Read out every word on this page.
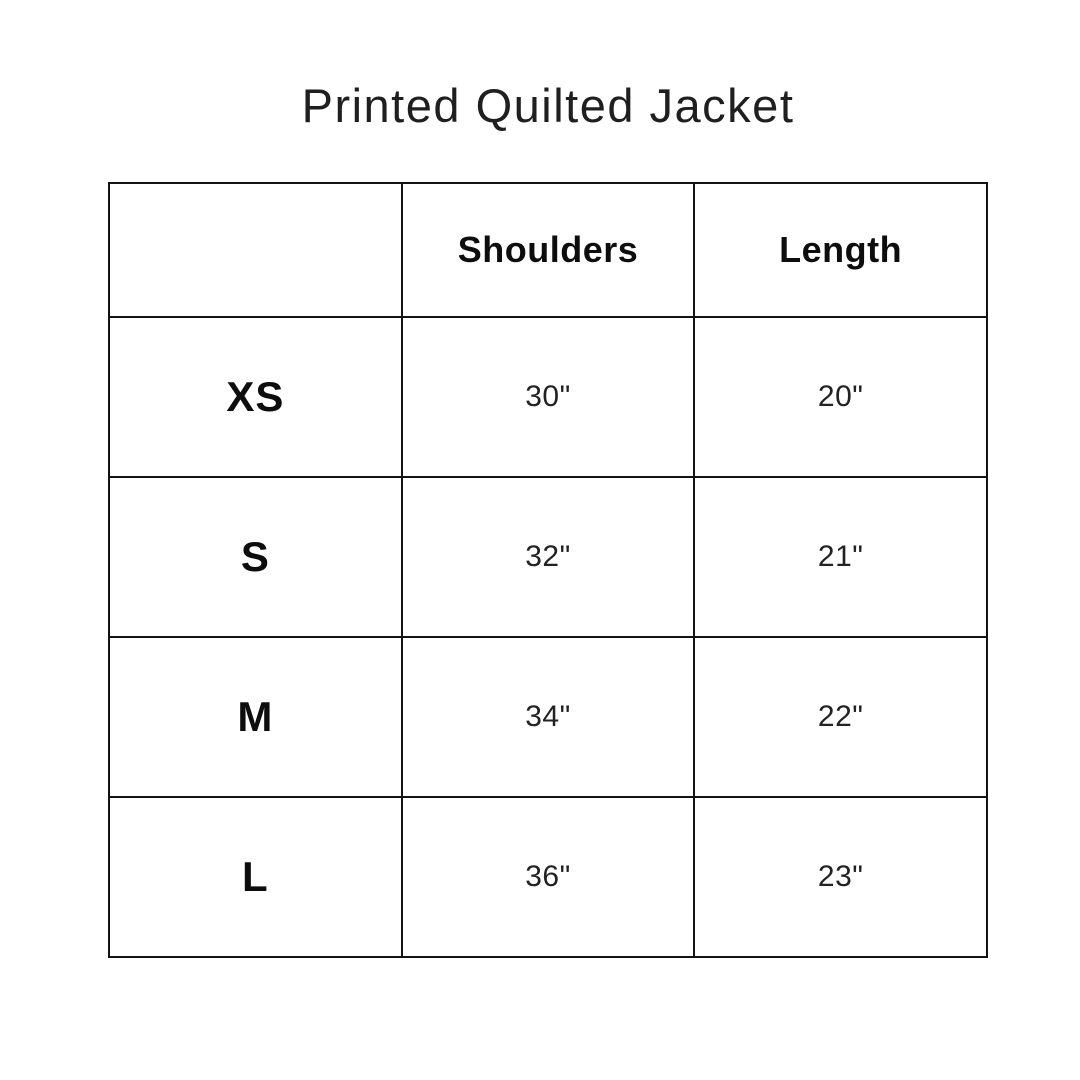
Printed Quilted Jacket
	Shoulders	Length
XS	30"	20"
S	32"	21"
M	34"	22"
L	36"	23"
